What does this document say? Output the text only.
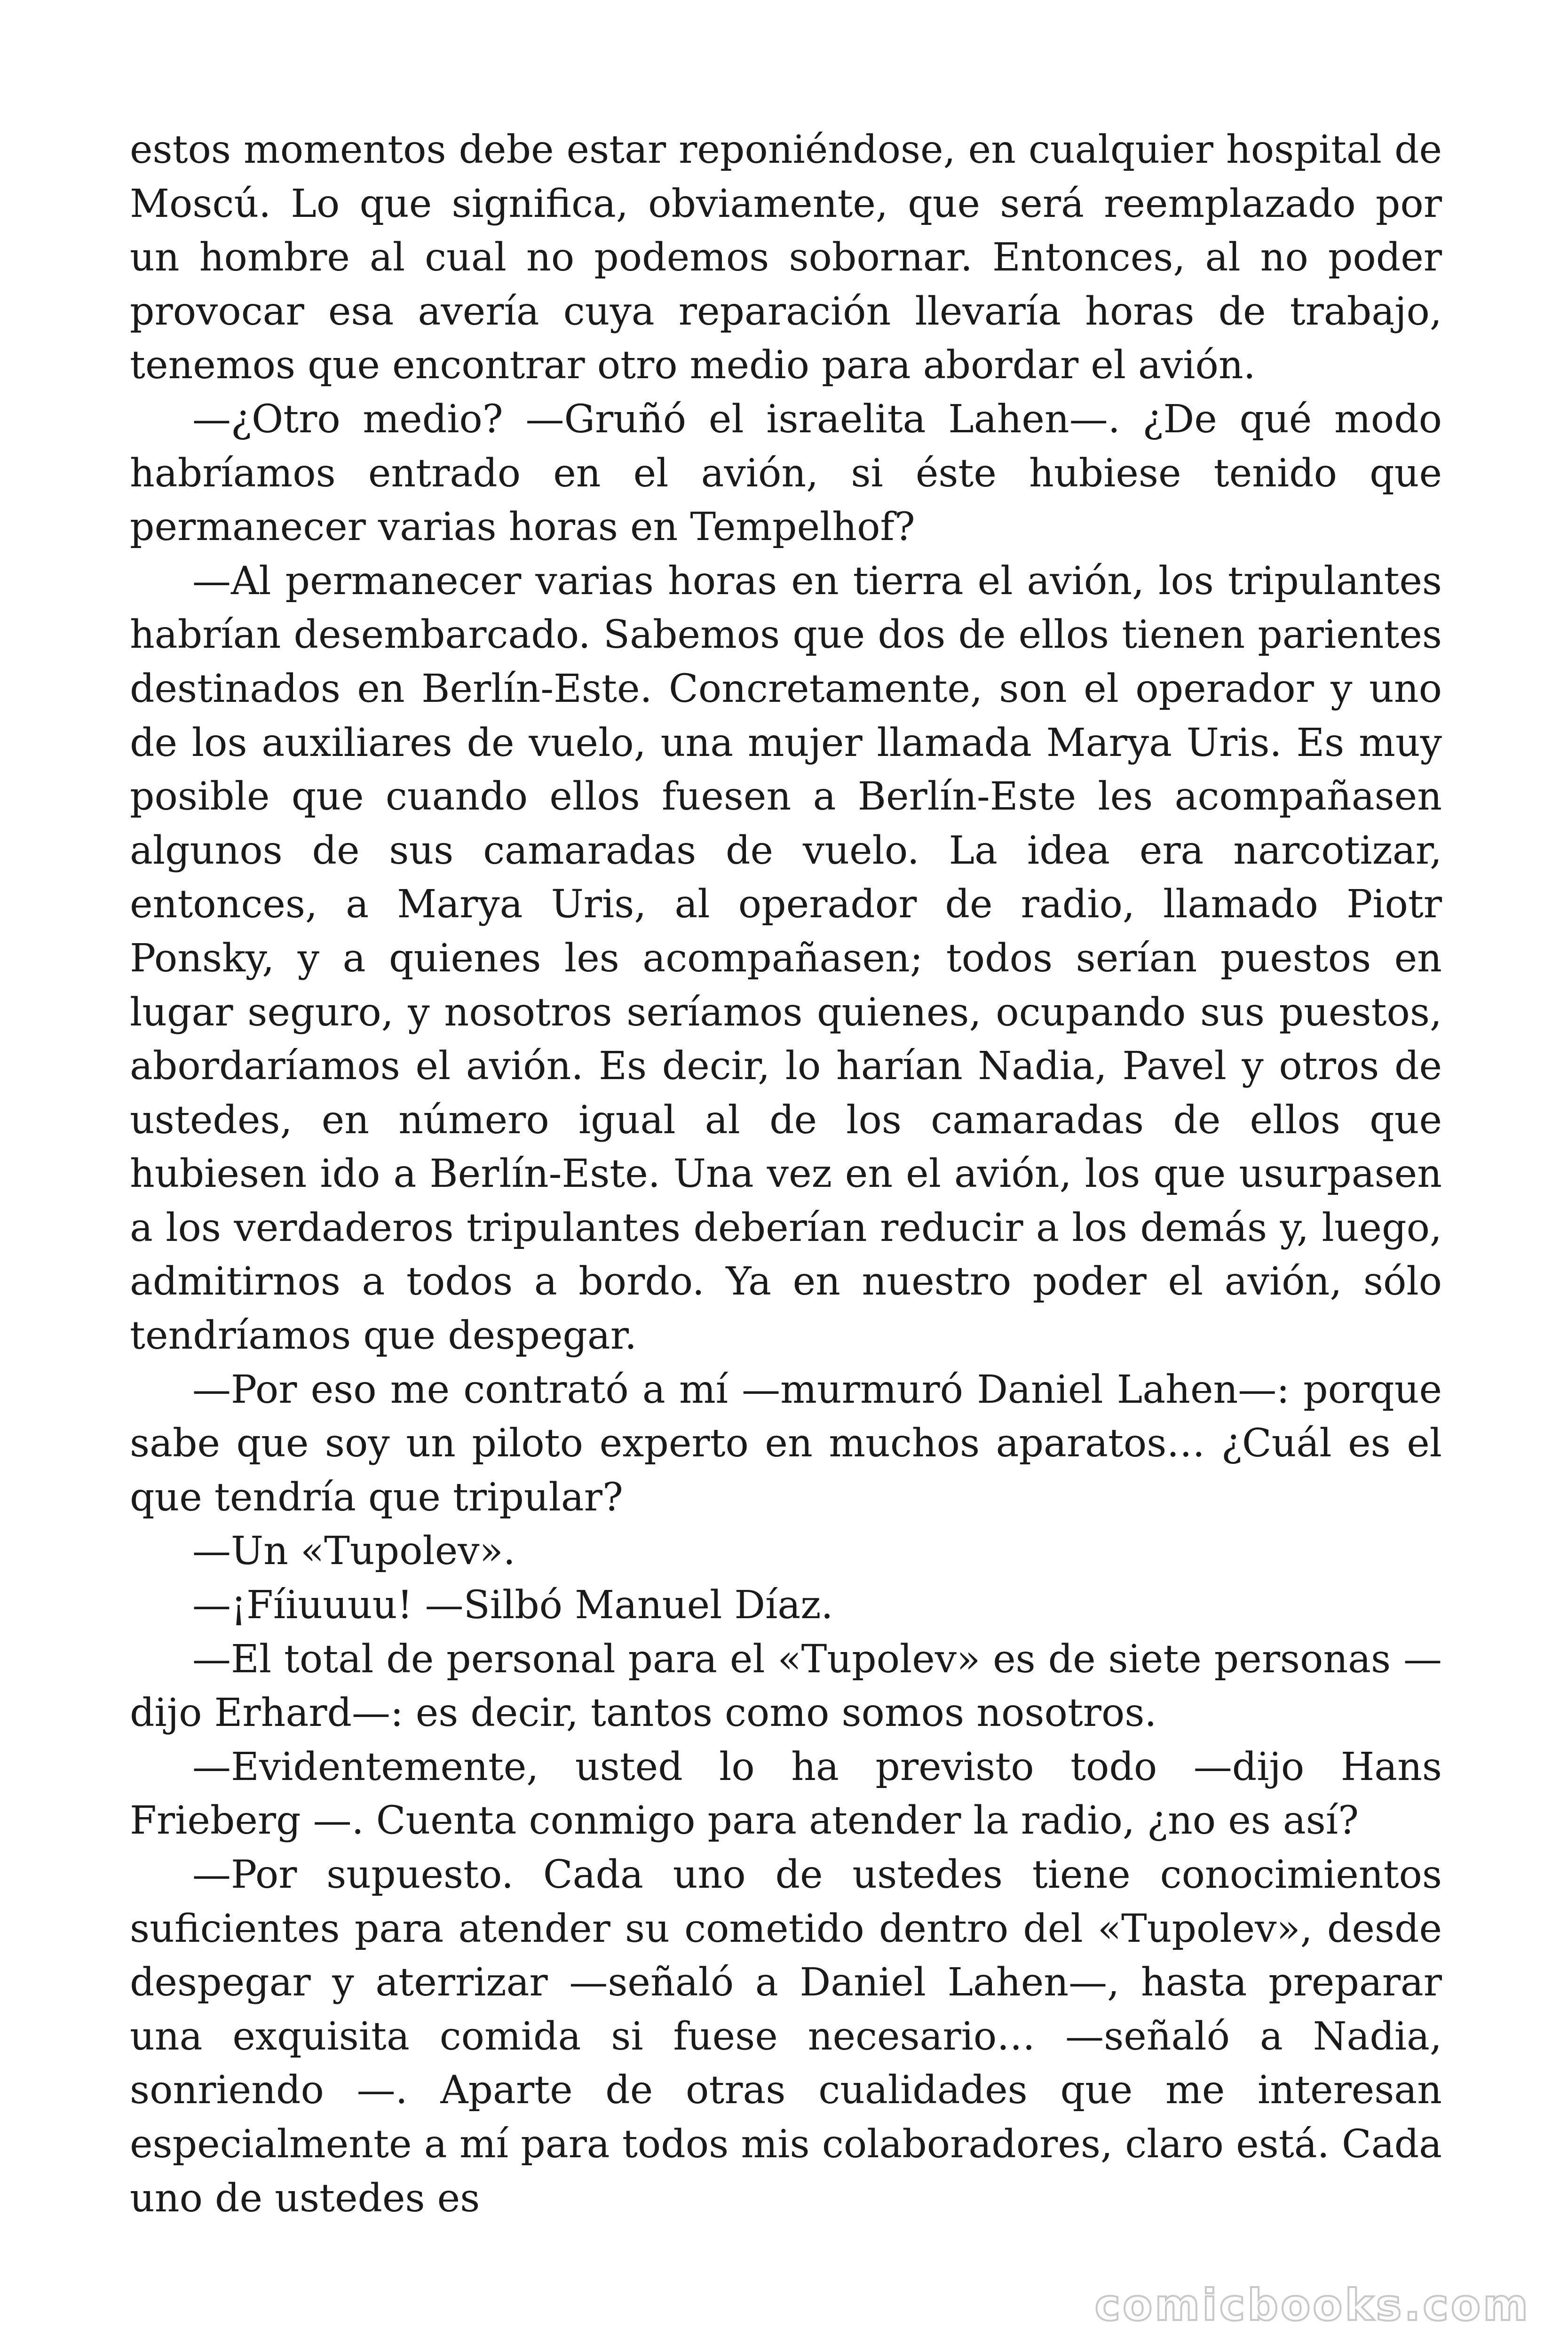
estos momentos debe estar reponiéndose, en cualquier hospital de Moscú. Lo que significa, obviamente, que será reemplazado por un hombre al cual no podemos sobornar. Entonces, al no poder provocar esa avería cuya reparación llevaría horas de trabajo, tenemos que encontrar otro medio para abordar el avión.

—¿Otro medio? —Gruñó el israelita Lahen—. ¿De qué modo habríamos entrado en el avión, si éste hubiese tenido que permanecer varias horas en Tempelhof?

—Al permanecer varias horas en tierra el avión, los tripulantes habrían desembarcado. Sabemos que dos de ellos tienen parientes destinados en Berlín-Este. Concretamente, son el operador y uno de los auxiliares de vuelo, una mujer llamada Marya Uris. Es muy posible que cuando ellos fuesen a Berlín-Este les acompañasen algunos de sus camaradas de vuelo. La idea era narcotizar, entonces, a Marya Uris, al operador de radio, llamado Piotr Ponsky, y a quienes les acompañasen; todos serían puestos en lugar seguro, y nosotros seríamos quienes, ocupando sus puestos, abordaríamos el avión. Es decir, lo harían Nadia, Pavel y otros de ustedes, en número igual al de los camaradas de ellos que hubiesen ido a Berlín-Este. Una vez en el avión, los que usurpasen a los verdaderos tripulantes deberían reducir a los demás y, luego, admitirnos a todos a bordo. Ya en nuestro poder el avión, sólo tendríamos que despegar.

—Por eso me contrató a mí —murmuró Daniel Lahen—: porque sabe que soy un piloto experto en muchos aparatos… ¿Cuál es el que tendría que tripular?

—Un «Tupolev».

—¡Fíiuuuu! —Silbó Manuel Díaz.

—El total de personal para el «Tupolev» es de siete personas —dijo Erhard—: es decir, tantos como somos nosotros.

—Evidentemente, usted lo ha previsto todo —dijo Hans Frieberg —. Cuenta conmigo para atender la radio, ¿no es así?

—Por supuesto. Cada uno de ustedes tiene conocimientos suficientes para atender su cometido dentro del «Tupolev», desde despegar y aterrizar —señaló a Daniel Lahen—, hasta preparar una exquisita comida si fuese necesario… —señaló a Nadia, sonriendo —. Aparte de otras cualidades que me interesan especialmente a mí para todos mis colaboradores, claro está. Cada uno de ustedes es

comicbooks.com
